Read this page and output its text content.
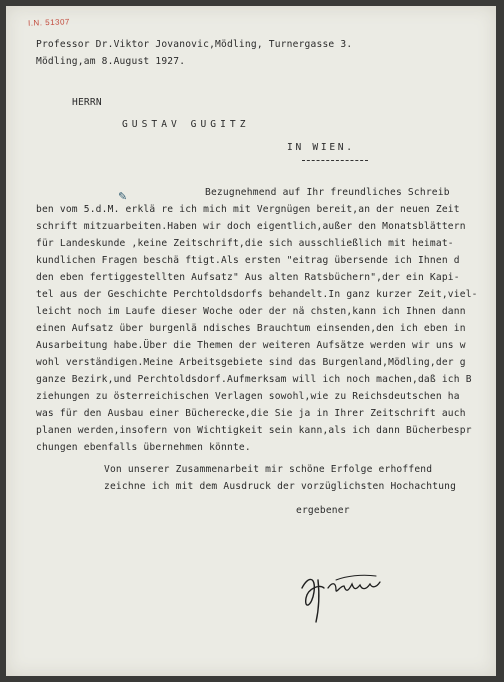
I.N. 51307
Professor Dr.Viktor Jovanovic,Mödling, Turnergasse 3.
Mödling,am 8.August 1927.
HERRN
GUSTAV GUGITZ
IN WIEN.
✎	Bezugnehmend auf Ihr freundliches Schreib
ben vom 5.d.M. erklä re ich mich mit Vergnügen bereit,an der neuen Zeit
schrift mitzuarbeiten.Haben wir doch eigentlich,außer den Monatsblättern
für Landeskunde ,keine Zeitschrift,die sich ausschließlich mit heimat-
kundlichen Fragen beschä ftigt.Als ersten "eitrag übersende ich Ihnen d
den eben fertiggestellten Aufsatz" Aus alten Ratsbüchern",der ein Kapi-
tel aus der Geschichte Perchtoldsdorfs behandelt.In ganz kurzer Zeit,viel-
leicht noch im Laufe dieser Woche oder der nä chsten,kann ich Ihnen dann
einen Aufsatz über burgenlä ndisches Brauchtum einsenden,den ich eben in
Ausarbeitung habe.Über die Themen der weiteren Aufsätze werden wir uns w
wohl verständigen.Meine Arbeitsgebiete sind das Burgenland,Mödling,der g
ganze Bezirk,und Perchtoldsdorf.Aufmerksam will ich noch machen,daß ich B
ziehungen zu österreichischen Verlagen sowohl,wie zu Reichsdeutschen ha
was für den Ausbau einer Bücherecke,die Sie ja in Ihrer Zeitschrift auch
planen werden,insofern von Wichtigkeit sein kann,als ich dann Bücherbespr
chungen ebenfalls übernehmen könnte.
Von unserer Zusammenarbeit mir schöne Erfolge erhoffend
zeichne ich mit dem Ausdruck der vorzüglichsten Hochachtung
ergebener
